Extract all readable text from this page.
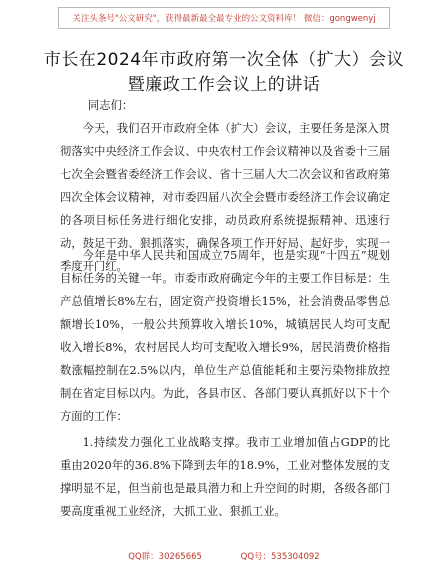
关注头条号"公文研究"，获得最新最全最专业的公文资料库！ 微信：gongwenyj
市长在2024年市政府第一次全体（扩大）会议
暨廉政工作会议上的讲话

同志们：

今天，我们召开市政府全体（扩大）会议，主要任务是深入贯彻落实中央经济工作会议、中央农村工作会议精神以及省委十三届七次全会暨省委经济工作会议、省十三届人大二次会议和省政府第四次全体会议精神，对市委四届八次全会暨市委经济工作会议确定的各项目标任务进行细化安排，动员政府系统提振精神、迅速行动，鼓足干劲、狠抓落实，确保各项工作开好局、起好步，实现一季度开门红。

今年是中华人民共和国成立75周年，也是实现“十四五”规划目标任务的关键一年。市委市政府确定今年的主要工作目标是：生产总值增长8%左右，固定资产投资增长15%，社会消费品零售总额增长10%，一般公共预算收入增长10%，城镇居民人均可支配收入增长8%，农村居民人均可支配收入增长9%，居民消费价格指数涨幅控制在2.5%以内，单位生产总值能耗和主要污染物排放控制在省定目标以内。为此，各县市区、各部门要认真抓好以下十个方面的工作：

1.持续发力强化工业战略支撑。我市工业增加值占GDP的比重由2020年的36.8%下降到去年的18.9%，工业对整体发展的支撑明显不足，但当前也是最具潜力和上升空间的时期，各级各部门要高度重视工业经济，大抓工业、狠抓工业。

QQ群：30265665	QQ号：535304092
